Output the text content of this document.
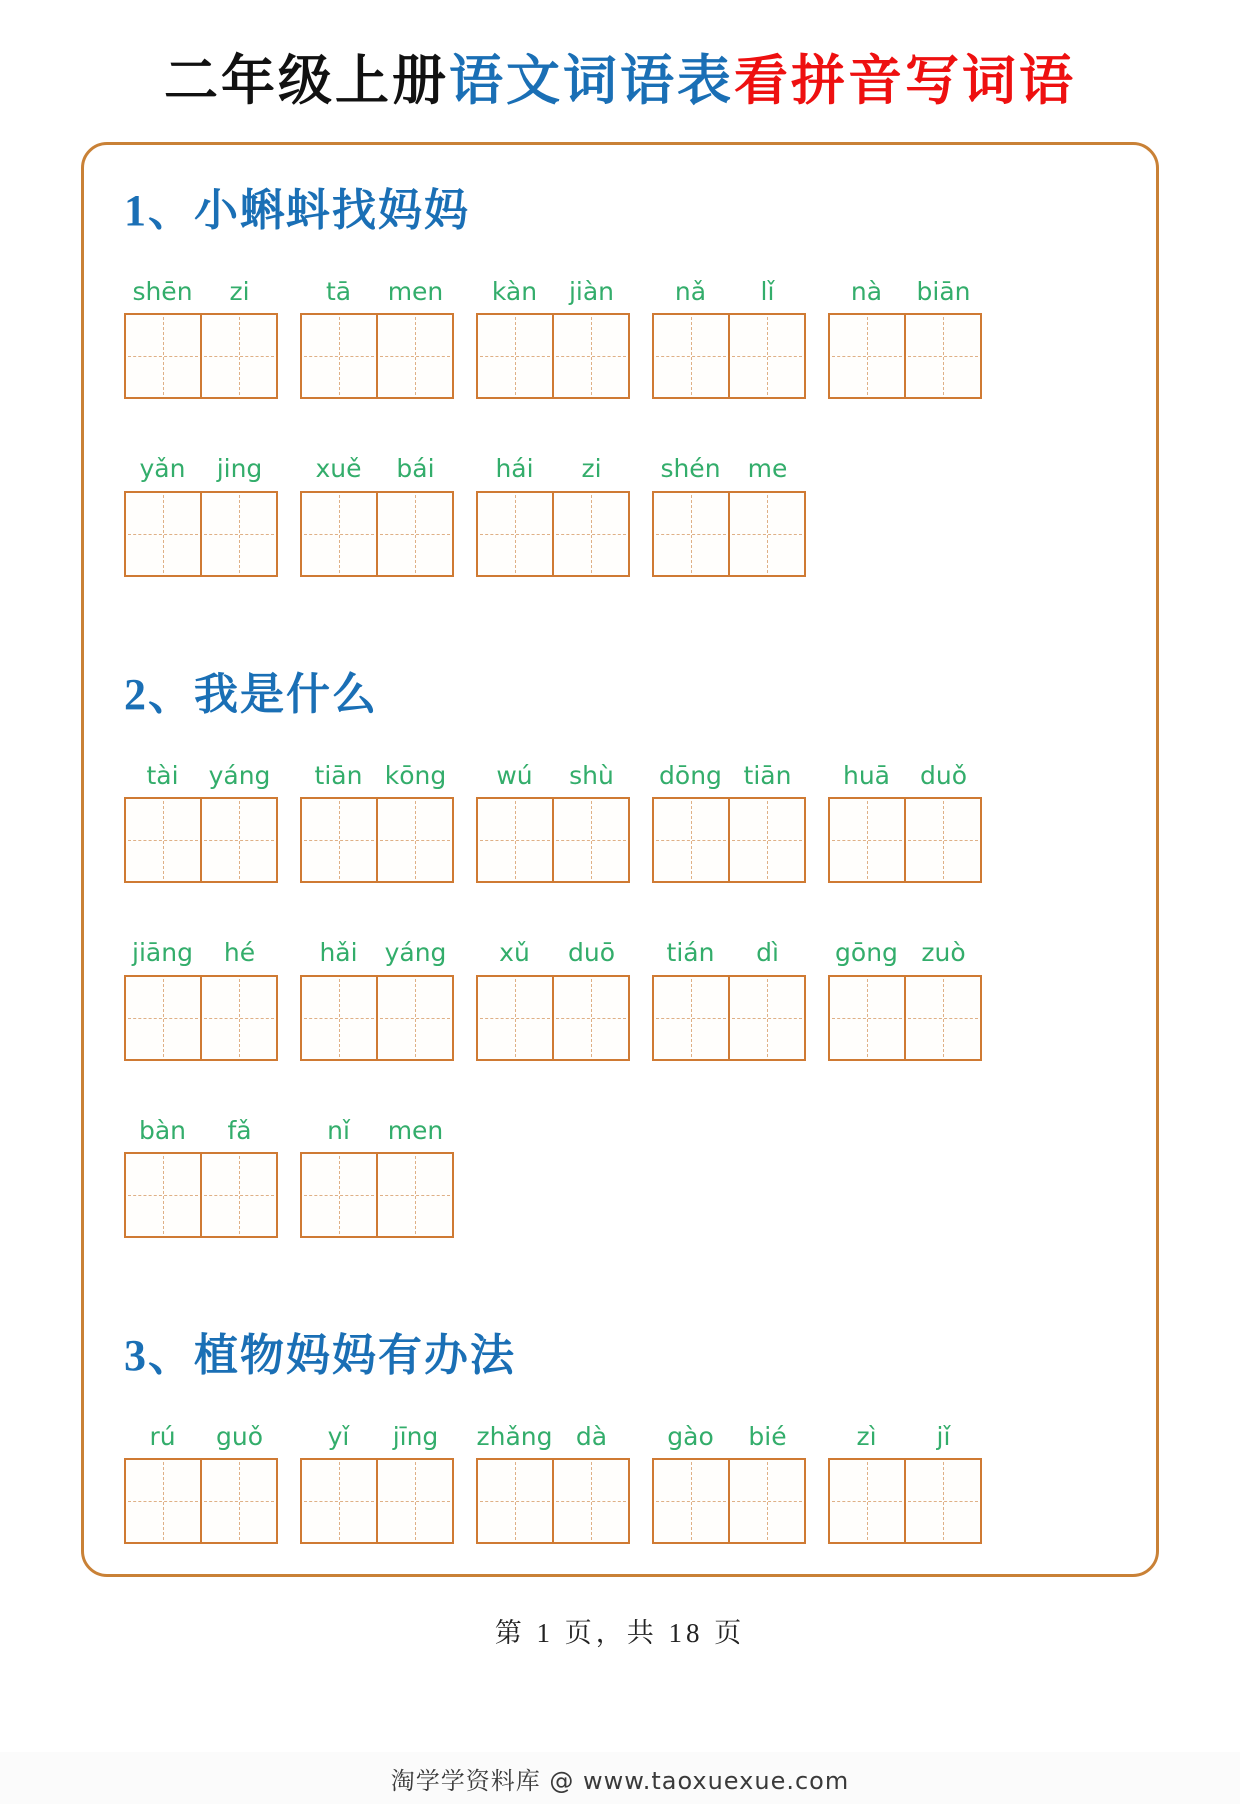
二年级上册语文词语表看拼音写词语
1、小蝌蚪找妈妈
shēn	zi	tā	men	kàn	jiàn	nǎ	lǐ	nà	biān
yǎn	jing	xuě	bái	hái	zi	shén	me
2、我是什么
tài	yáng	tiān kōng	wú	shù	dōng tiān	huā	duǒ
jiāng	hé	hǎi	yáng	xǔ	duō	tián	dì	gōng zuò
bàn	fǎ	nǐ	men
3、植物妈妈有办法
rú	guǒ	yǐ	jīng	zhǎng dà	gào	bié	zì	jǐ
第 1 页，共 18 页
淘学学资料库 @ www.taoxuexue.com
